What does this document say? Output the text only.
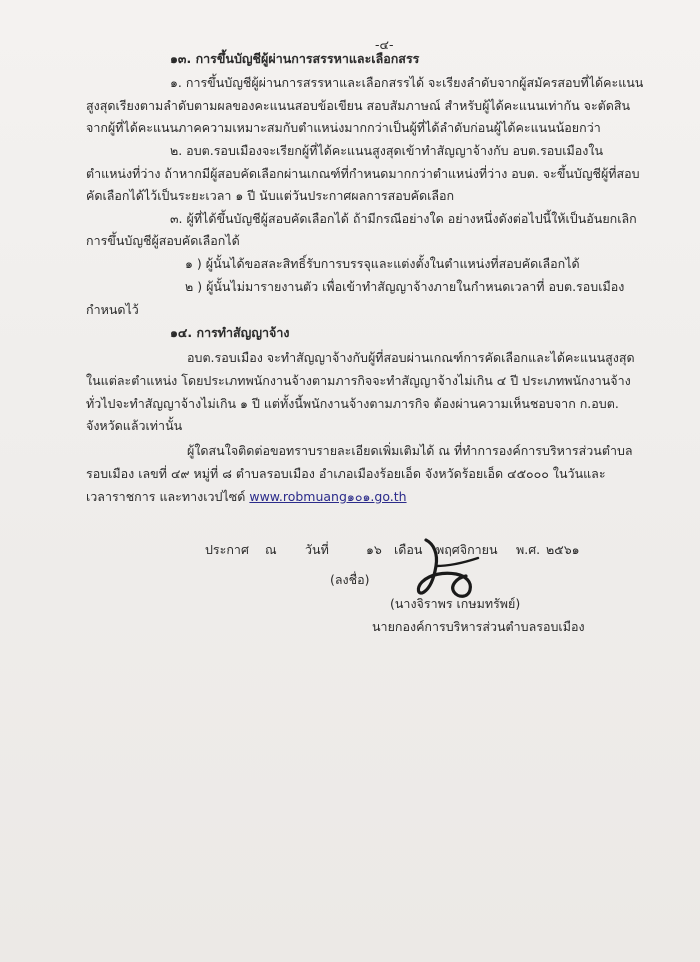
-๔-
๑๓. การขึ้นบัญชีผู้ผ่านการสรรหาและเลือกสรร
๑. การขึ้นบัญชีผู้ผ่านการสรรหาและเลือกสรรได้ จะเรียงลำดับจากผู้สมัครสอบที่ได้คะแนน
สูงสุดเรียงตามลำดับตามผลของคะแนนสอบข้อเขียน สอบสัมภาษณ์ สำหรับผู้ได้คะแนนเท่ากัน จะตัดสิน
จากผู้ที่ได้คะแนนภาคความเหมาะสมกับตำแหน่งมากกว่าเป็นผู้ที่ได้ลำดับก่อนผู้ได้คะแนนน้อยกว่า
๒. อบต.รอบเมืองจะเรียกผู้ที่ได้คะแนนสูงสุดเข้าทำสัญญาจ้างกับ อบต.รอบเมืองใน
ตำแหน่งที่ว่าง ถ้าหากมีผู้สอบคัดเลือกผ่านเกณฑ์ที่กำหนดมากกว่าตำแหน่งที่ว่าง อบต. จะขึ้นบัญชีผู้ที่สอบ
คัดเลือกได้ไว้เป็นระยะเวลา ๑ ปี นับแต่วันประกาศผลการสอบคัดเลือก
๓. ผู้ที่ได้ขึ้นบัญชีผู้สอบคัดเลือกได้ ถ้ามีกรณีอย่างใด อย่างหนึ่งดังต่อไปนี้ให้เป็นอันยกเลิก
การขึ้นบัญชีผู้สอบคัดเลือกได้
๑ ) ผู้นั้นได้ขอสละสิทธิ์รับการบรรจุและแต่งตั้งในตำแหน่งที่สอบคัดเลือกได้
๒ ) ผู้นั้นไม่มารายงานตัว เพื่อเข้าทำสัญญาจ้างภายในกำหนดเวลาที่ อบต.รอบเมือง
กำหนดไว้
๑๔. การทำสัญญาจ้าง
อบต.รอบเมือง จะทำสัญญาจ้างกับผู้ที่สอบผ่านเกณฑ์การคัดเลือกและได้คะแนนสูงสุด
ในแต่ละตำแหน่ง โดยประเภทพนักงานจ้างตามภารกิจจะทำสัญญาจ้างไม่เกิน ๔ ปี ประเภทพนักงานจ้าง
ทั่วไปจะทำสัญญาจ้างไม่เกิน ๑ ปี แต่ทั้งนี้พนักงานจ้างตามภารกิจ ต้องผ่านความเห็นชอบจาก ก.อบต.
จังหวัดแล้วเท่านั้น
ผู้ใดสนใจติดต่อขอทราบรายละเอียดเพิ่มเติมได้ ณ ที่ทำการองค์การบริหารส่วนตำบล
รอบเมือง เลขที่ ๔๙ หมู่ที่ ๘ ตำบลรอบเมือง อำเภอเมืองร้อยเอ็ด จังหวัดร้อยเอ็ด ๔๕๐๐๐ ในวันและ
เวลาราชการ และทางเวปไซด์ www.robmuang๑๐๑.go.th
ประกาศ ณ วันที่	๑๖ เดือน พฤศจิกายน พ.ศ. ๒๕๖๑
(ลงชื่อ)
(นางจิราพร เกษมทรัพย์)
นายกองค์การบริหารส่วนตำบลรอบเมือง
